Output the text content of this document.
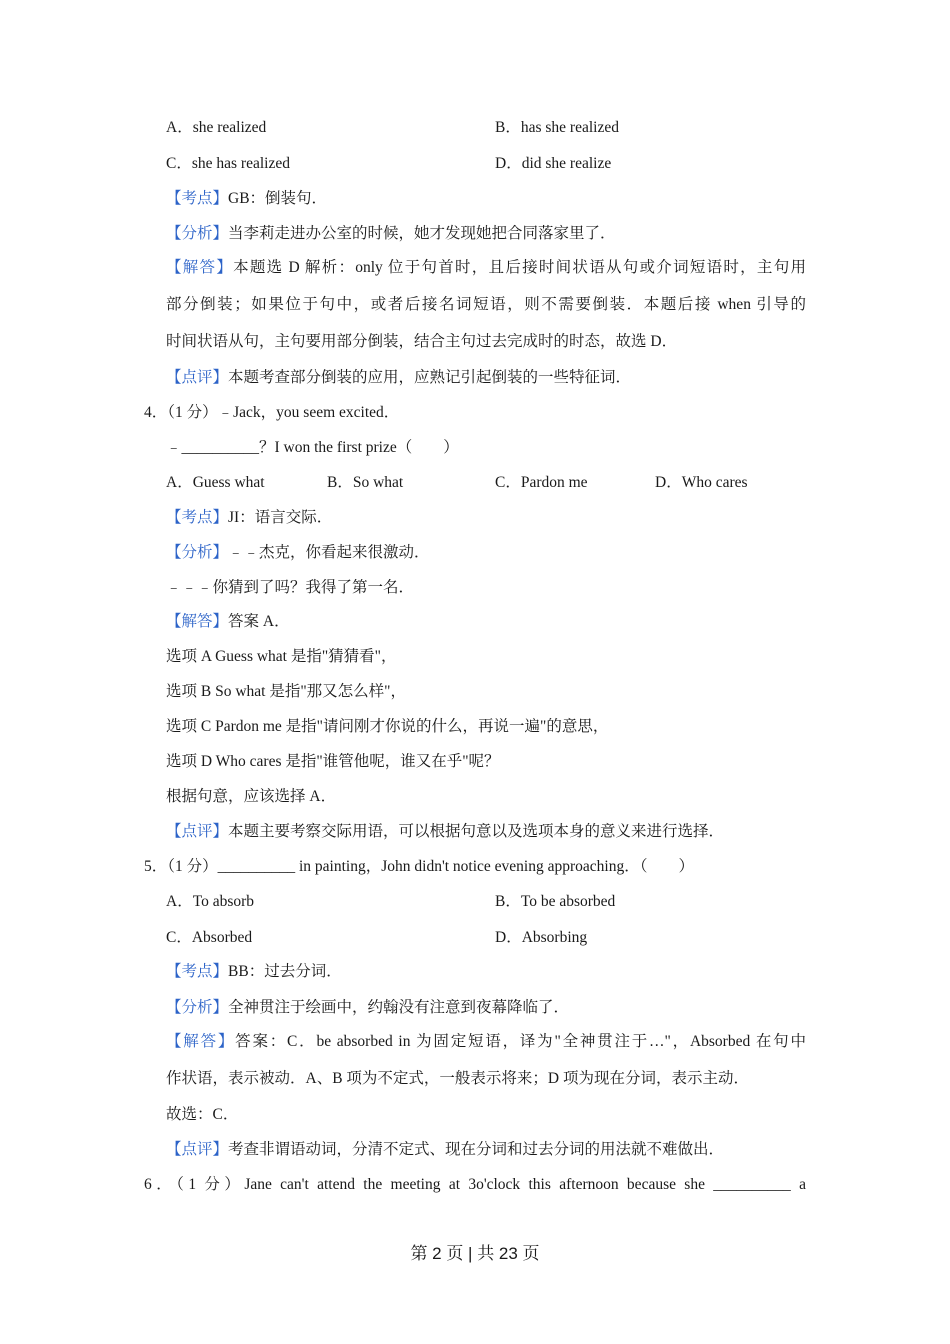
A．she realized	B．has she realized
C．she has realized	D．did she realize
【考点】GB：倒装句．
【分析】当李莉走进办公室的时候，她才发现她把合同落家里了．
【解答】本题选 D 解析：only 位于句首时，且后接时间状语从句或介词短语时，主句用
部分倒装；如果位于句中，或者后接名词短语，则不需要倒装．本题后接 when 引导的
时间状语从句，主句要用部分倒装，结合主句过去完成时的时态，故选 D．
【点评】本题考查部分倒装的应用，应熟记引起倒装的一些特征词．
4．（1 分）﹣Jack，you seem excited．
﹣__________？I won the first prize（　　）
A．Guess what	B．So what	C．Pardon me	D．Who cares
【考点】JI：语言交际．
【分析】﹣﹣杰克，你看起来很激动．
﹣﹣﹣你猜到了吗？我得了第一名．
【解答】答案 A．
选项 A Guess what 是指"猜猜看"，
选项 B So what 是指"那又怎么样"，
选项 C Pardon me 是指"请问刚才你说的什么，再说一遍"的意思，
选项 D Who cares 是指"谁管他呢，谁又在乎"呢？
根据句意，应该选择 A．
【点评】本题主要考察交际用语，可以根据句意以及选项本身的意义来进行选择．
5．（1 分）__________ in painting，John didn't notice evening approaching．（　　）
A．To absorb	B．To be absorbed
C．Absorbed	D．Absorbing
【考点】BB：过去分词．
【分析】全神贯注于绘画中，约翰没有注意到夜幕降临了．
【解答】答案：C．be absorbed in 为固定短语，译为"全神贯注于…"，Absorbed 在句中
作状语，表示被动．A、B 项为不定式，一般表示将来；D 项为现在分词，表示主动．
故选：C．
【点评】考查非谓语动词，分清不定式、现在分词和过去分词的用法就不难做出．
6．（1 分）Jane can't attend the meeting at 3o'clock this afternoon because she __________ a
第 2 页 | 共 23 页
